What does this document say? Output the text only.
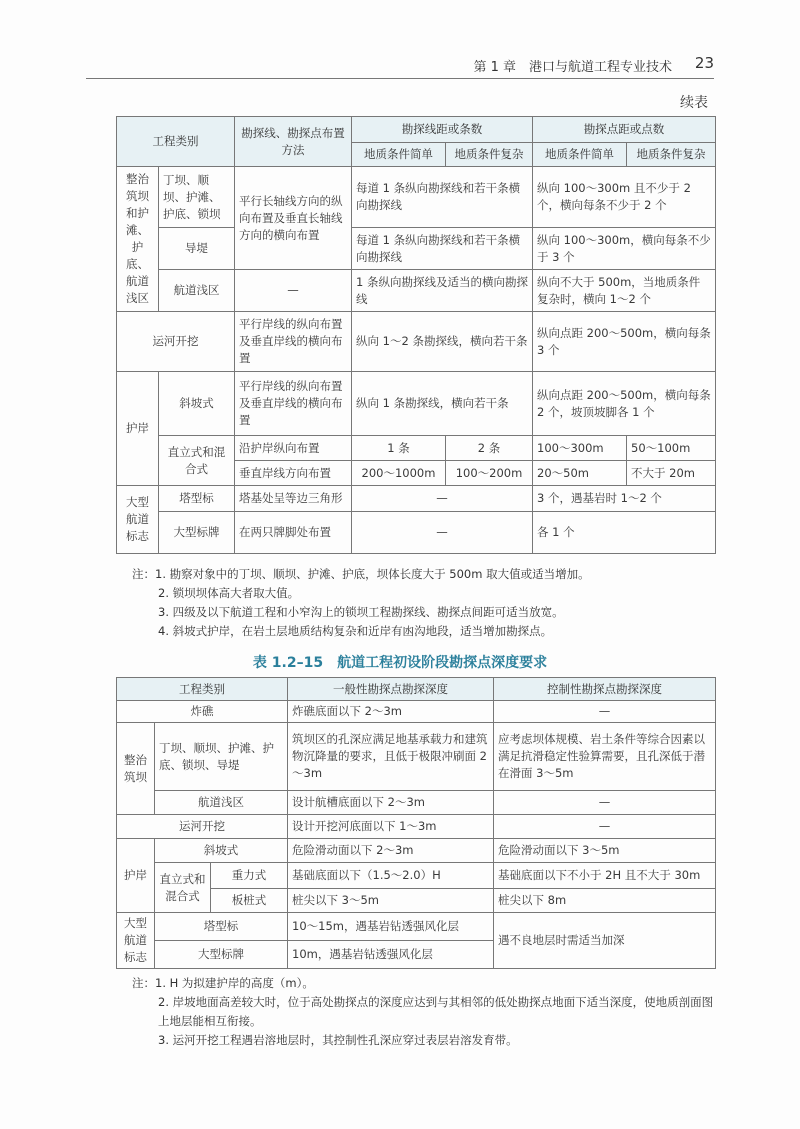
第 1 章　港口与航道工程专业技术 23
续表
工程类别		勘探线、勘探点布置方法	勘探线距或条数		勘探点距或点数	
			地质条件简单	地质条件复杂	地质条件简单	地质条件复杂
整治筑坝和护滩、护底、航道浅区	丁坝、顺坝、护滩、护底、锁坝	平行长轴线方向的纵向布置及垂直长轴线方向的横向布置	每道 1 条纵向勘探线和若干条横向勘探线		纵向 100～300m 且不少于 2 个，横向每条不少于 2 个	
	导堤		每道 1 条纵向勘探线和若干条横向勘探线		纵向 100～300m，横向每条不少于 3 个	
	航道浅区	—	1 条纵向勘探线及适当的横向勘探线		纵向不大于 500m，当地质条件复杂时，横向 1～2 个	
运河开挖		平行岸线的纵向布置及垂直岸线的横向布置	纵向 1～2 条勘探线，横向若干条		纵向点距 200～500m，横向每条 3 个	
护岸	斜坡式	平行岸线的纵向布置及垂直岸线的横向布置	纵向 1 条勘探线，横向若干条		纵向点距 200～500m，横向每条 2 个，坡顶坡脚各 1 个	
	直立式和混合式	沿护岸纵向布置	1 条	2 条	100～300m	50～100m
		垂直岸线方向布置	200～1000m	100～200m	20～50m	不大于 20m
大型航道标志	塔型标	塔基处呈等边三角形	—		3 个，遇基岩时 1～2 个	
	大型标牌	在两只牌脚处布置	—		各 1 个	
注：1. 勘察对象中的丁坝、顺坝、护滩、护底，坝体长度大于 500m 取大值或适当增加。
2. 锁坝坝体高大者取大值。
3. 四级及以下航道工程和小窄沟上的锁坝工程勘探线、勘探点间距可适当放宽。
4. 斜坡式护岸，在岩土层地质结构复杂和近岸有凼沟地段，适当增加勘探点。
表 1.2–15　航道工程初设阶段勘探点深度要求
工程类别			一般性勘探点勘探深度	控制性勘探点勘探深度
炸礁			炸礁底面以下 2～3m	—
整治筑坝	丁坝、顺坝、护滩、护底、锁坝、导堤		筑坝区的孔深应满足地基承载力和建筑物沉降量的要求，且低于极限冲刷面 2～3m	应考虑坝体规模、岩土条件等综合因素以满足抗滑稳定性验算需要，且孔深低于潜在滑面 3～5m
	航道浅区		设计航槽底面以下 2～3m	—
运河开挖			设计开挖河底面以下 1～3m	—
护岸	斜坡式		危险滑动面以下 2～3m	危险滑动面以下 3～5m
	直立式和混合式	重力式	基础底面以下（1.5～2.0）H	基础底面以下不小于 2H 且不大于 30m
		板桩式	桩尖以下 3～5m	桩尖以下 8m
大型航道标志	塔型标		10～15m，遇基岩钻透强风化层	遇不良地层时需适当加深
	大型标牌		10m，遇基岩钻透强风化层	
注：1. H 为拟建护岸的高度（m）。
2. 岸坡地面高差较大时，位于高处勘探点的深度应达到与其相邻的低处勘探点地面下适当深度，使地质剖面图上地层能相互衔接。
3. 运河开挖工程遇岩溶地层时，其控制性孔深应穿过表层岩溶发育带。
